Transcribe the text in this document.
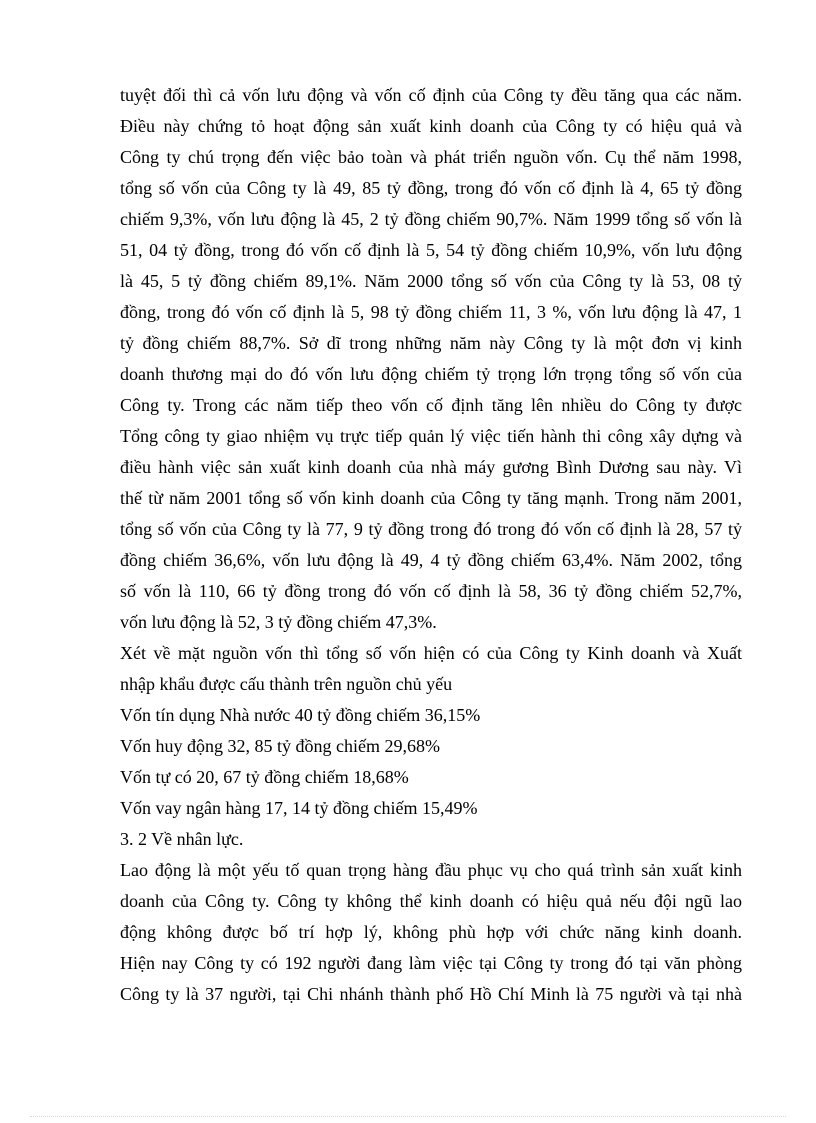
tuyệt đối thì cả vốn lưu động và vốn cố định của Công ty đều tăng qua các năm.
Điều này chứng tỏ hoạt động sản xuất kinh doanh của Công ty có hiệu quả và
Công ty chú trọng đến việc bảo toàn và phát triển nguồn vốn. Cụ thể năm 1998,
tổng số vốn của Công ty là 49, 85 tỷ đồng, trong đó vốn cố định là 4, 65 tỷ đồng
chiếm 9,3%, vốn lưu động là 45, 2 tỷ đồng chiếm 90,7%. Năm 1999 tổng số vốn là
51, 04 tỷ đồng, trong đó vốn cố định là 5, 54 tỷ đồng chiếm 10,9%, vốn lưu động
là 45, 5 tỷ đồng chiếm 89,1%. Năm 2000 tổng số vốn của Công ty là 53, 08 tỷ
đồng, trong đó vốn cố định là 5, 98 tỷ đồng chiếm 11, 3 %, vốn lưu động là 47, 1
tỷ đồng chiếm 88,7%. Sở dĩ trong những năm này Công ty là một đơn vị kinh
doanh thương mại do đó vốn lưu động chiếm tỷ trọng lớn trọng tổng số vốn của
Công ty. Trong các năm tiếp theo vốn cố định tăng lên nhiều do Công ty được
Tổng công ty giao nhiệm vụ trực tiếp quản lý việc tiến hành thi công xây dựng và
điều hành việc sản xuất kinh doanh của nhà máy gương Bình Dương sau này. Vì
thế từ năm 2001 tổng số vốn kinh doanh của Công ty tăng mạnh. Trong năm 2001,
tổng số vốn của Công ty là 77, 9 tỷ đồng trong đó trong đó vốn cố định là 28, 57 tỷ
đồng chiếm 36,6%, vốn lưu động là 49, 4 tỷ đồng chiếm 63,4%. Năm 2002, tổng
số vốn là 110, 66 tỷ đồng trong đó vốn cố định là 58, 36 tỷ đồng chiếm 52,7%,
vốn lưu động là 52, 3 tỷ đồng chiếm 47,3%.
Xét về mặt nguồn vốn thì tổng số vốn hiện có của Công ty Kinh doanh và Xuất
nhập khẩu được cấu thành trên nguồn chủ yếu
Vốn tín dụng Nhà nước 40 tỷ đồng chiếm 36,15%
Vốn huy động 32, 85 tỷ đồng chiếm 29,68%
Vốn tự có 20, 67 tỷ đồng chiếm 18,68%
Vốn vay ngân hàng 17, 14 tỷ đồng chiếm 15,49%
3. 2 Về nhân lực.
Lao động là một yếu tố quan trọng hàng đầu phục vụ cho quá trình sản xuất kinh
doanh của Công ty. Công ty không thể kinh doanh có hiệu quả nếu đội ngũ lao
động không được bố trí hợp lý, không phù hợp với chức năng kinh doanh.
Hiện nay Công ty có 192 người đang làm việc tại Công ty trong đó tại văn phòng
Công ty là 37 người, tại Chi nhánh thành phố Hồ Chí Minh là 75 người và tại nhà
